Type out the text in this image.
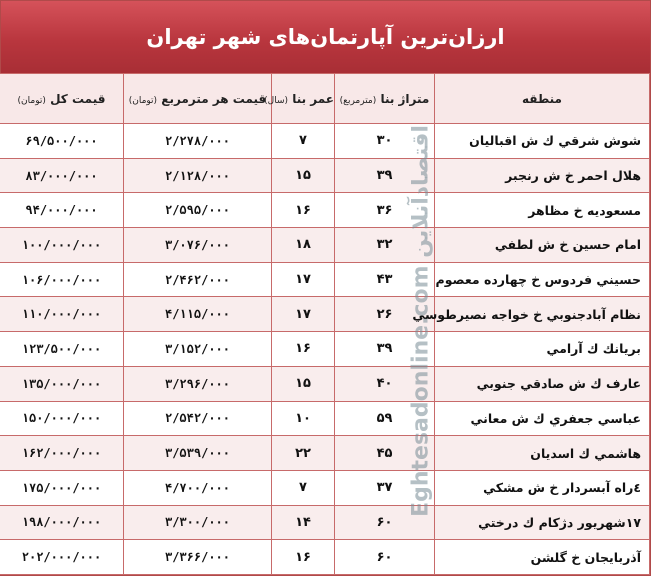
ارزان‌ترین آپارتمان‌های شهر تهران
منطقه	متراژ بنا (مترمربع)	عمر بنا (سال)	قیمت هر مترمربع (تومان)	قیمت کل (تومان)
شوش شرقي ك ش اقباليان	۳۰	۷	۲/۲۷۸/۰۰۰	۶۹/۵۰۰/۰۰۰
هلال احمر خ ش رنجبر	۳۹	۱۵	۲/۱۲۸/۰۰۰	۸۳/۰۰۰/۰۰۰
مسعوديه خ مظاهر	۳۶	۱۶	۲/۵۹۵/۰۰۰	۹۴/۰۰۰/۰۰۰
امام حسين خ ش لطفي	۳۲	۱۸	۳/۰۷۶/۰۰۰	۱۰۰/۰۰۰/۰۰۰
حسيني فردوس خ چهارده معصوم	۴۳	۱۷	۲/۴۶۲/۰۰۰	۱۰۶/۰۰۰/۰۰۰
نظام آبادجنوبي خ خواجه نصيرطوسي	۲۶	۱۷	۴/۱۱۵/۰۰۰	۱۱۰/۰۰۰/۰۰۰
بريانك ك آرامي	۳۹	۱۶	۳/۱۵۲/۰۰۰	۱۲۳/۵۰۰/۰۰۰
عارف ك ش صادقي جنوبي	۴۰	۱۵	۳/۲۹۶/۰۰۰	۱۳۵/۰۰۰/۰۰۰
عباسي جعفري ك ش معاني	۵۹	۱۰	۲/۵۴۲/۰۰۰	۱۵۰/۰۰۰/۰۰۰
هاشمي ك اسديان	۴۵	۲۲	۳/۵۳۹/۰۰۰	۱۶۲/۰۰۰/۰۰۰
٤راه آبسردار خ ش مشكي	۳۷	۷	۴/۷۰۰/۰۰۰	۱۷۵/۰۰۰/۰۰۰
۱۷شهريور دژكام ك درختي	۶۰	۱۴	۳/۳۰۰/۰۰۰	۱۹۸/۰۰۰/۰۰۰
آذربايجان خ گلشن	۶۰	۱۶	۳/۳۶۶/۰۰۰	۲۰۲/۰۰۰/۰۰۰
Eghtesadonline.com اقتصادآنلاین
